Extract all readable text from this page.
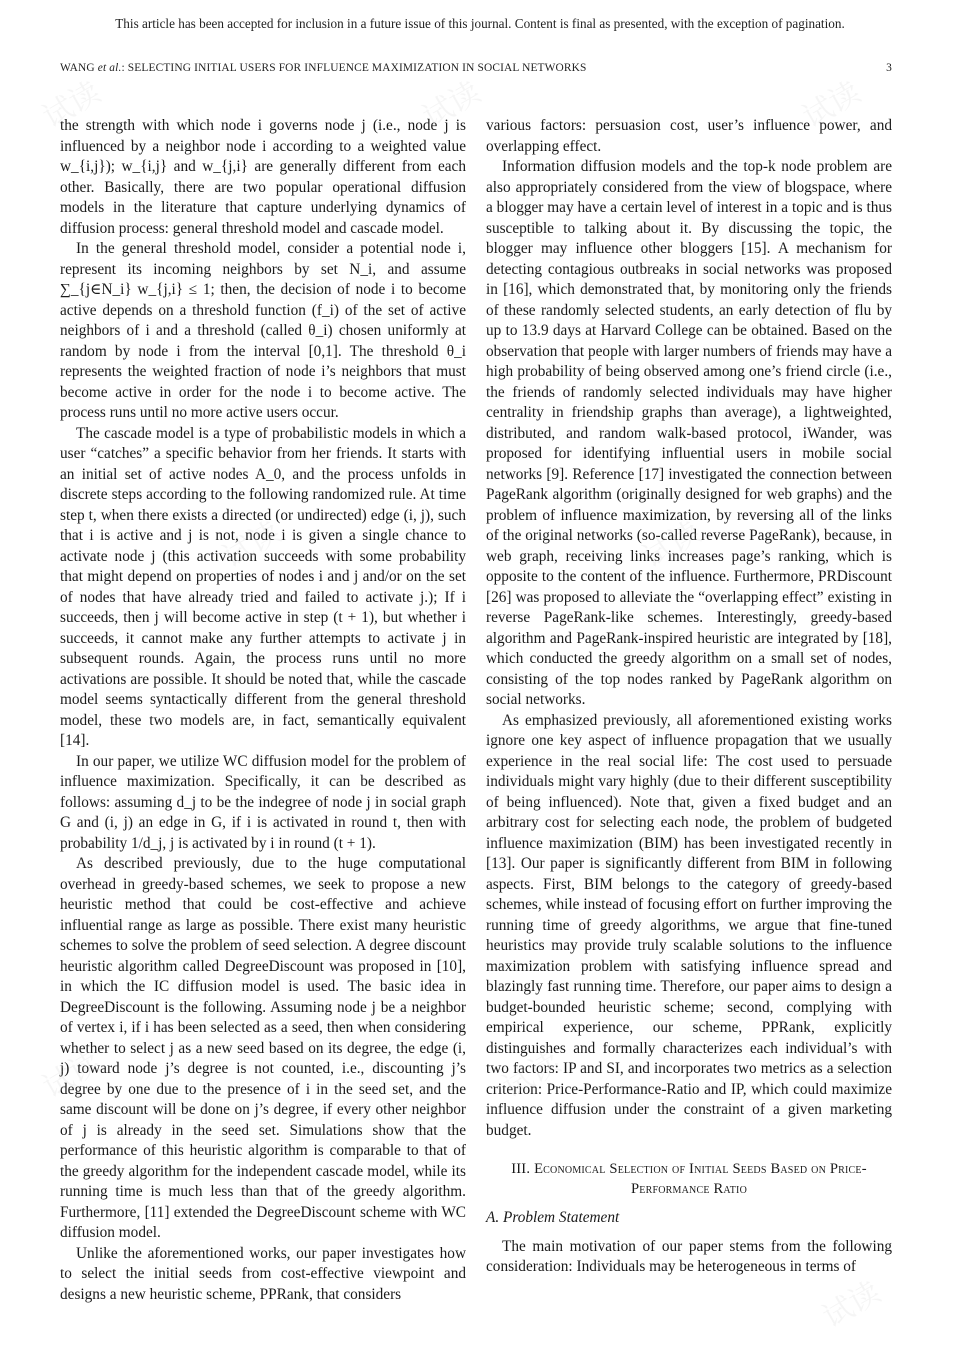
This article has been accepted for inclusion in a future issue of this journal. Content is final as presented, with the exception of pagination.
WANG et al.: SELECTING INITIAL USERS FOR INFLUENCE MAXIMIZATION IN SOCIAL NETWORKS	3

the strength with which node i governs node j (i.e., node j is influenced by a neighbor node i according to a weighted value w_{i,j}); w_{i,j} and w_{j,i} are generally different from each other. Basically, there are two popular operational diffusion models in the literature that capture underlying dynamics of diffusion process: general threshold model and cascade model.

In the general threshold model, consider a potential node i, represent its incoming neighbors by set N_i, and assume ∑_{j∈N_i} w_{j,i} ≤ 1; then, the decision of node i to become active depends on a threshold function (f_i) of the set of active neighbors of i and a threshold (called θ_i) chosen uniformly at random by node i from the interval [0,1]. The threshold θ_i represents the weighted fraction of node i’s neighbors that must become active in order for the node i to become active. The process runs until no more active users occur.

The cascade model is a type of probabilistic models in which a user “catches” a specific behavior from her friends. It starts with an initial set of active nodes A_0, and the process unfolds in discrete steps according to the following randomized rule. At time step t, when there exists a directed (or undirected) edge (i, j), such that i is active and j is not, node i is given a single chance to activate node j (this activation succeeds with some probability that might depend on properties of nodes i and j and/or on the set of nodes that have already tried and failed to activate j.); If i succeeds, then j will become active in step (t + 1), but whether i succeeds, it cannot make any further attempts to activate j in subsequent rounds. Again, the process runs until no more activations are possible. It should be noted that, while the cascade model seems syntactically different from the general threshold model, these two models are, in fact, semantically equivalent [14].

In our paper, we utilize WC diffusion model for the problem of influence maximization. Specifically, it can be described as follows: assuming d_j to be the indegree of node j in social graph G and (i, j) an edge in G, if i is activated in round t, then with probability 1/d_j, j is activated by i in round (t + 1).

As described previously, due to the huge computational overhead in greedy-based schemes, we seek to propose a new heuristic method that could be cost-effective and achieve influential range as large as possible. There exist many heuristic schemes to solve the problem of seed selection. A degree discount heuristic algorithm called DegreeDiscount was proposed in [10], in which the IC diffusion model is used. The basic idea in DegreeDiscount is the following. Assuming node j be a neighbor of vertex i, if i has been selected as a seed, then when considering whether to select j as a new seed based on its degree, the edge (i, j) toward node j’s degree is not counted, i.e., discounting j’s degree by one due to the presence of i in the seed set, and the same discount will be done on j’s degree, if every other neighbor of j is already in the seed set. Simulations show that the performance of this heuristic algorithm is comparable to that of the greedy algorithm for the independent cascade model, while its running time is much less than that of the greedy algorithm. Furthermore, [11] extended the DegreeDiscount scheme with WC diffusion model.

Unlike the aforementioned works, our paper investigates how to select the initial seeds from cost-effective viewpoint and designs a new heuristic scheme, PPRank, that considers

various factors: persuasion cost, user’s influence power, and overlapping effect.

Information diffusion models and the top-k node problem are also appropriately considered from the view of blogspace, where a blogger may have a certain level of interest in a topic and is thus susceptible to talking about it. By discussing the topic, the blogger may influence other bloggers [15]. A mechanism for detecting contagious outbreaks in social networks was proposed in [16], which demonstrated that, by monitoring only the friends of these randomly selected students, an early detection of flu by up to 13.9 days at Harvard College can be obtained. Based on the observation that people with larger numbers of friends may have a high probability of being observed among one’s friend circle (i.e., the friends of randomly selected individuals may have higher centrality in friendship graphs than average), a lightweighted, distributed, and random walk-based protocol, iWander, was proposed for identifying influential users in mobile social networks [9]. Reference [17] investigated the connection between PageRank algorithm (originally designed for web graphs) and the problem of influence maximization, by reversing all of the links of the original networks (so-called reverse PageRank), because, in web graph, receiving links increases page’s ranking, which is opposite to the content of the influence. Furthermore, PRDiscount [26] was proposed to alleviate the “overlapping effect” existing in reverse PageRank-like schemes. Interestingly, greedy-based algorithm and PageRank-inspired heuristic are integrated by [18], which conducted the greedy algorithm on a small set of nodes, consisting of the top nodes ranked by PageRank algorithm on social networks.

As emphasized previously, all aforementioned existing works ignore one key aspect of influence propagation that we usually experience in the real social life: The cost used to persuade individuals might vary highly (due to their different susceptibility of being influenced). Note that, given a fixed budget and an arbitrary cost for selecting each node, the problem of budgeted influence maximization (BIM) has been investigated recently in [13]. Our paper is significantly different from BIM in following aspects. First, BIM belongs to the category of greedy-based schemes, while instead of focusing effort on further improving the running time of greedy algorithms, we argue that fine-tuned heuristics may provide truly scalable solutions to the influence maximization problem with satisfying influence spread and blazingly fast running time. Therefore, our paper aims to design a budget-bounded heuristic scheme; second, complying with empirical experience, our scheme, PPRank, explicitly distinguishes and formally characterizes each individual’s with two factors: IP and SI, and incorporates two metrics as a selection criterion: Price-Performance-Ratio and IP, which could maximize influence diffusion under the constraint of a given marketing budget.

III. Economical Selection of Initial Seeds Based on Price-Performance Ratio
A. Problem Statement

The main motivation of our paper stems from the following consideration: Individuals may be heterogeneous in terms of

试读	试读	试读
试读	试读
试读	试读
试读
